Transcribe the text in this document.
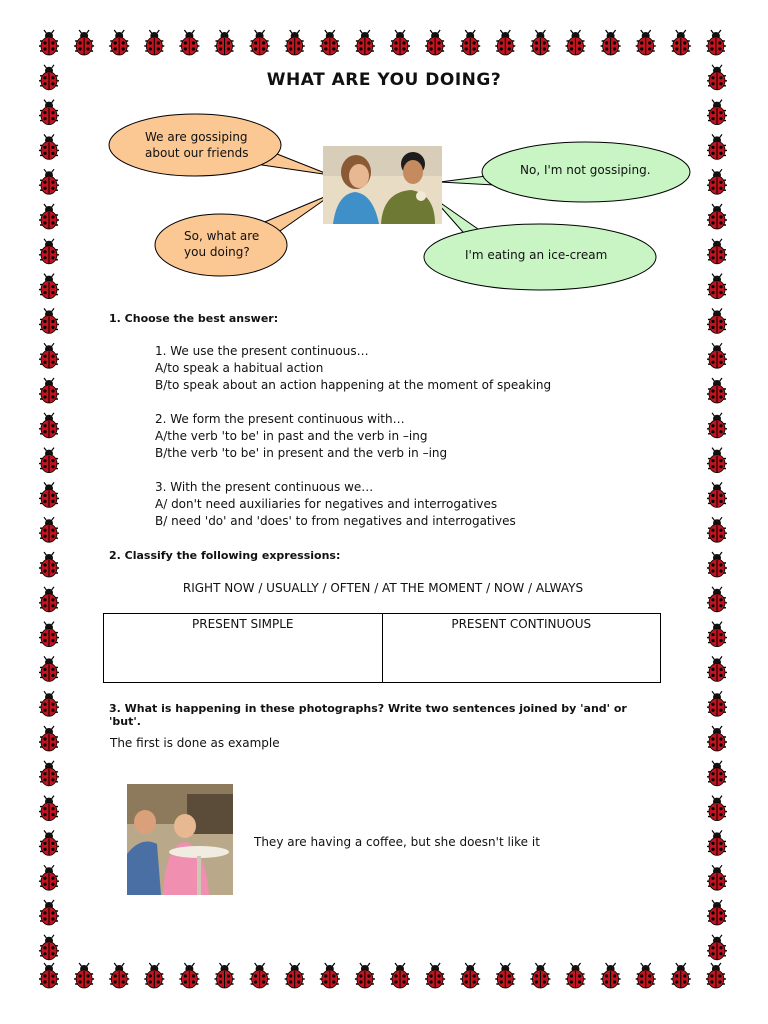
WHAT ARE YOU DOING?
We are gossiping
about our friends
So, what are
you doing?
No, I'm not gossiping.
I'm eating an ice-cream
1. Choose the best answer:
1. We use the present continuous…
A/to speak a habitual action
B/to speak about an action happening at the moment of speaking
2. We form the present continuous with…
A/the verb 'to be' in past and the verb in –ing
B/the verb 'to be' in present and the verb in –ing
3. With the present continuous we…
A/ don't need auxiliaries for negatives and interrogatives
B/ need 'do' and 'does' to from negatives and interrogatives
2. Classify the following expressions:
RIGHT NOW / USUALLY / OFTEN / AT THE MOMENT / NOW / ALWAYS
PRESENT SIMPLE	PRESENT CONTINUOUS
3. What is happening in these photographs? Write two sentences joined by 'and' or
'but'.
The first is done as example
They are having a coffee, but she doesn't like it
